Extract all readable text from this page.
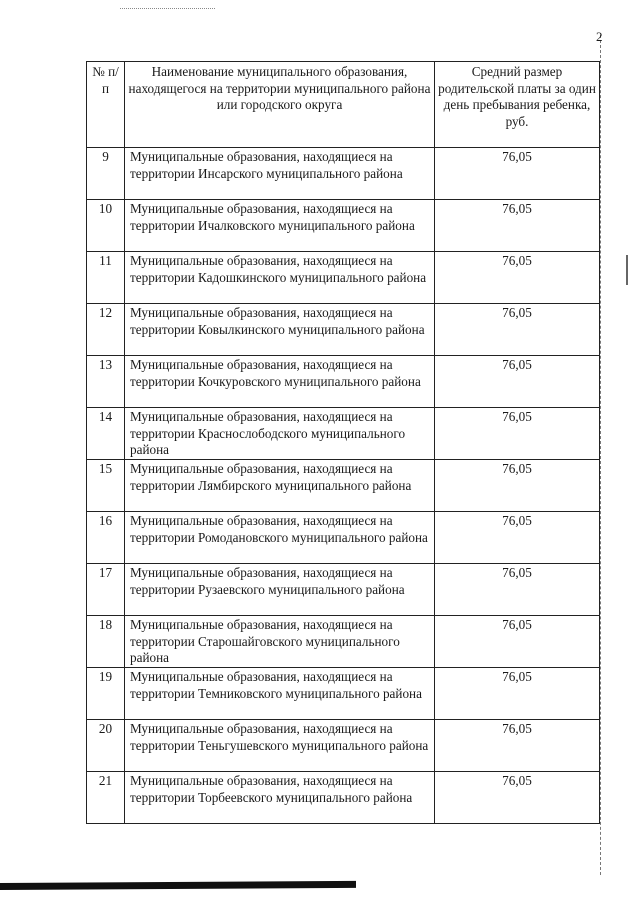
2
№ п/п	Наименование муниципального образования, находящегося на территории муниципального района или городского округа	Средний размер родительской платы за один день пребывания ребенка, руб.
9	Муниципальные образования, находящиеся на территории Инсарского муниципального района	76,05
10	Муниципальные образования, находящиеся на территории Ичалковского муниципального района	76,05
11	Муниципальные образования, находящиеся на территории Кадошкинского муниципального района	76,05
12	Муниципальные образования, находящиеся на территории Ковылкинского муниципального района	76,05
13	Муниципальные образования, находящиеся на территории Кочкуровского муниципального района	76,05
14	Муниципальные образования, находящиеся на территории Краснослободского муниципального района	76,05
15	Муниципальные образования, находящиеся на территории Лямбирского муниципального района	76,05
16	Муниципальные образования, находящиеся на территории Ромодановского муниципального района	76,05
17	Муниципальные образования, находящиеся на территории Рузаевского муниципального района	76,05
18	Муниципальные образования, находящиеся на территории Старошайговского муниципального района	76,05
19	Муниципальные образования, находящиеся на территории Темниковского муниципального района	76,05
20	Муниципальные образования, находящиеся на территории Теньгушевского муниципального района	76,05
21	Муниципальные образования, находящиеся на территории Торбеевского муниципального района	76,05
